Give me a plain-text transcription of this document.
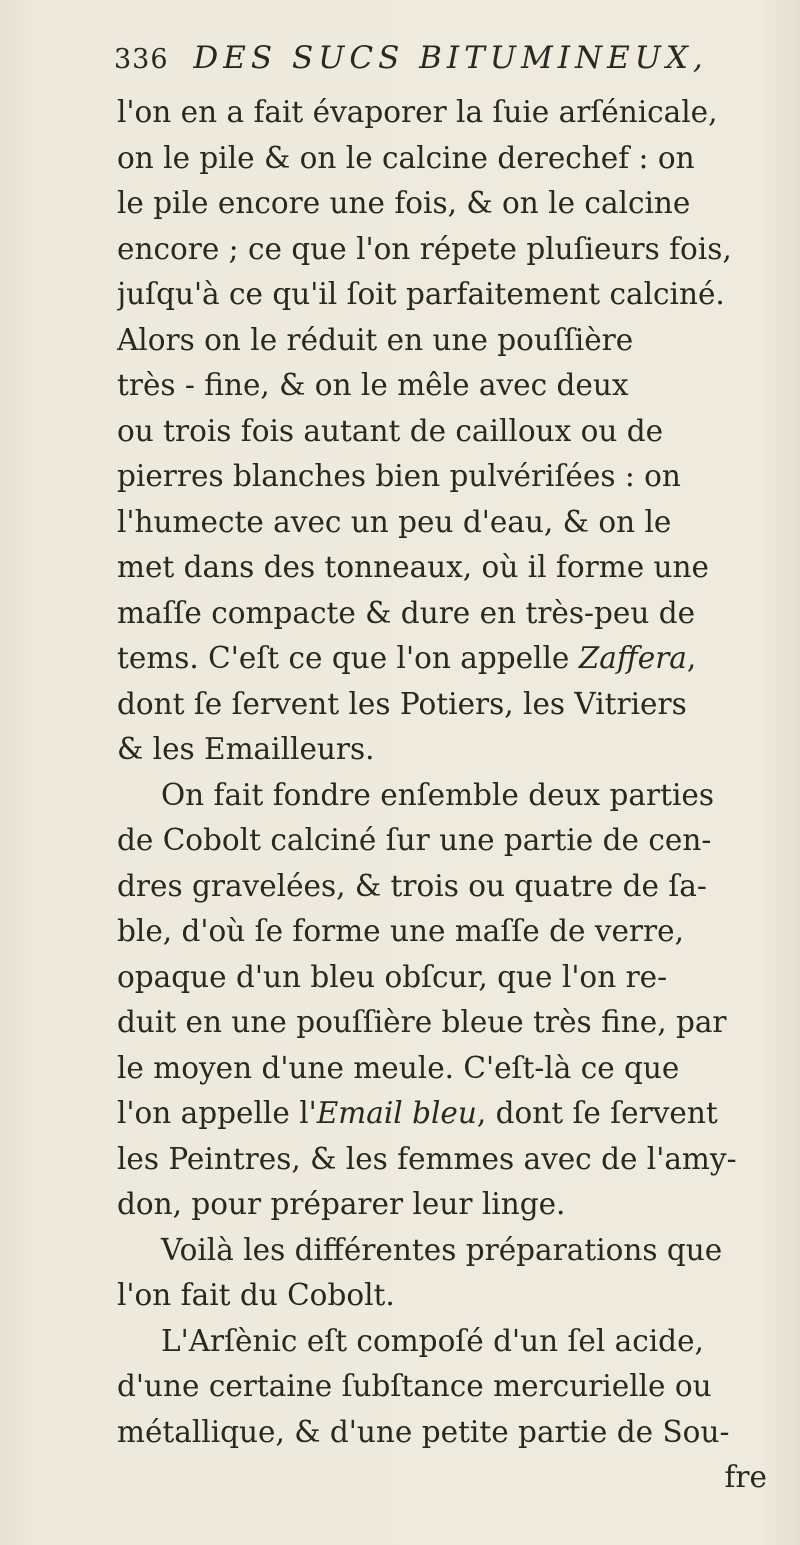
336 DES SUCS BITUMINEUX,
l'on en a fait évaporer la ſuie arſénicale,
on le pile & on le calcine derechef : on
le pile encore une fois, & on le calcine
encore ; ce que l'on répete pluſieurs fois,
juſqu'à ce qu'il ſoit parfaitement calciné.
Alors on le réduit en une pouſſière
très - fine, & on le mêle avec deux
ou trois fois autant de cailloux ou de
pierres blanches bien pulvériſées : on
l'humecte avec un peu d'eau, & on le
met dans des tonneaux, où il forme une
maſſe compacte & dure en très-peu de
tems. C'eſt ce que l'on appelle Zaffera,
dont ſe ſervent les Potiers, les Vitriers
& les Emailleurs.
On fait fondre enſemble deux parties
de Cobolt calciné ſur une partie de cen-
dres gravelées, & trois ou quatre de ſa-
ble, d'où ſe forme une maſſe de verre,
opaque d'un bleu obſcur, que l'on re-
duit en une pouſſière bleue très fine, par
le moyen d'une meule. C'eſt-là ce que
l'on appelle l'Email bleu, dont ſe ſervent
les Peintres, & les femmes avec de l'amy-
don, pour préparer leur linge.
Voilà les différentes préparations que
l'on fait du Cobolt.
L'Arſènic eſt compoſé d'un ſel acide,
d'une certaine ſubſtance mercurielle ou
métallique, & d'une petite partie de Sou-
fre
